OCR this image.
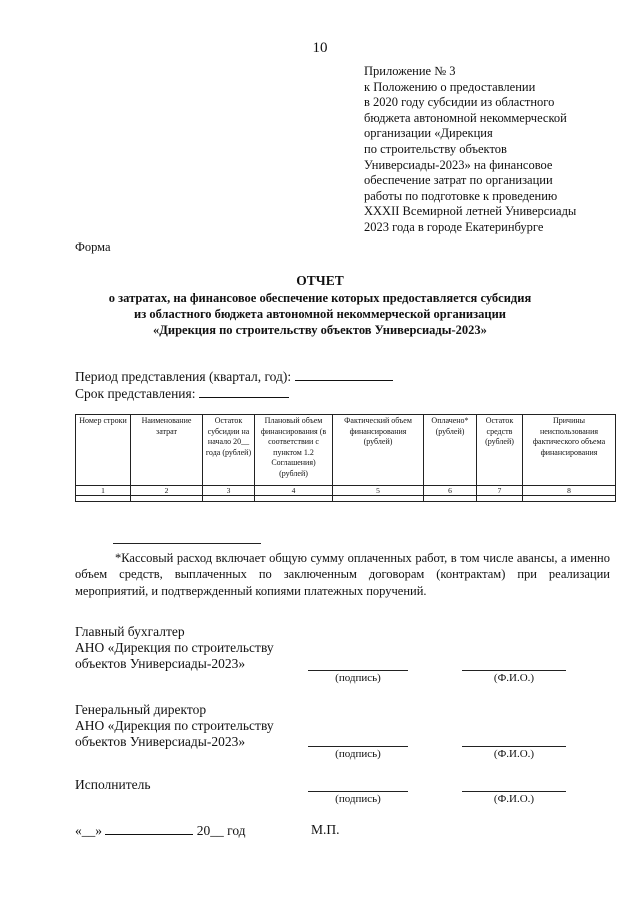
10
Приложение № 3
к Положению о предоставлении
в 2020 году субсидии из областного
бюджета автономной некоммерческой
организации «Дирекция
по строительству объектов
Универсиады-2023» на финансовое
обеспечение затрат по организации
работы по подготовке к проведению
XXXII Всемирной летней Универсиады
2023 года в городе Екатеринбурге
Форма
ОТЧЕТ
о затратах, на финансовое обеспечение которых предоставляется субсидия
из областного бюджета автономной некоммерческой организации
«Дирекция по строительству объектов Универсиады-2023»
Период представления (квартал, год):
Срок представления:
Номер строки	Наименование затрат	Остаток субсидии на начало 20__ года (рублей)	Плановый объем финансирования (в соответствии с пунктом 1.2 Соглашения) (рублей)	Фактический объем финансирования (рублей)	Оплачено* (рублей)	Остаток средств (рублей)	Причины неиспользования фактического объема финансирования
1	2	3	4	5	6	7	8

*Кассовый расход включает общую сумму оплаченных работ, в том числе авансы, а именно объем средств, выплаченных по заключенным договорам (контрактам) при реализации мероприятий, и подтвержденный копиями платежных поручений.
Главный бухгалтер
АНО «Дирекция по строительству
объектов Универсиады-2023»
(подпись)	(Ф.И.О.)
Генеральный директор
АНО «Дирекция по строительству
объектов Универсиады-2023»
(подпись)	(Ф.И.О.)
Исполнитель
(подпись)	(Ф.И.О.)
«__»	20__ год	М.П.
